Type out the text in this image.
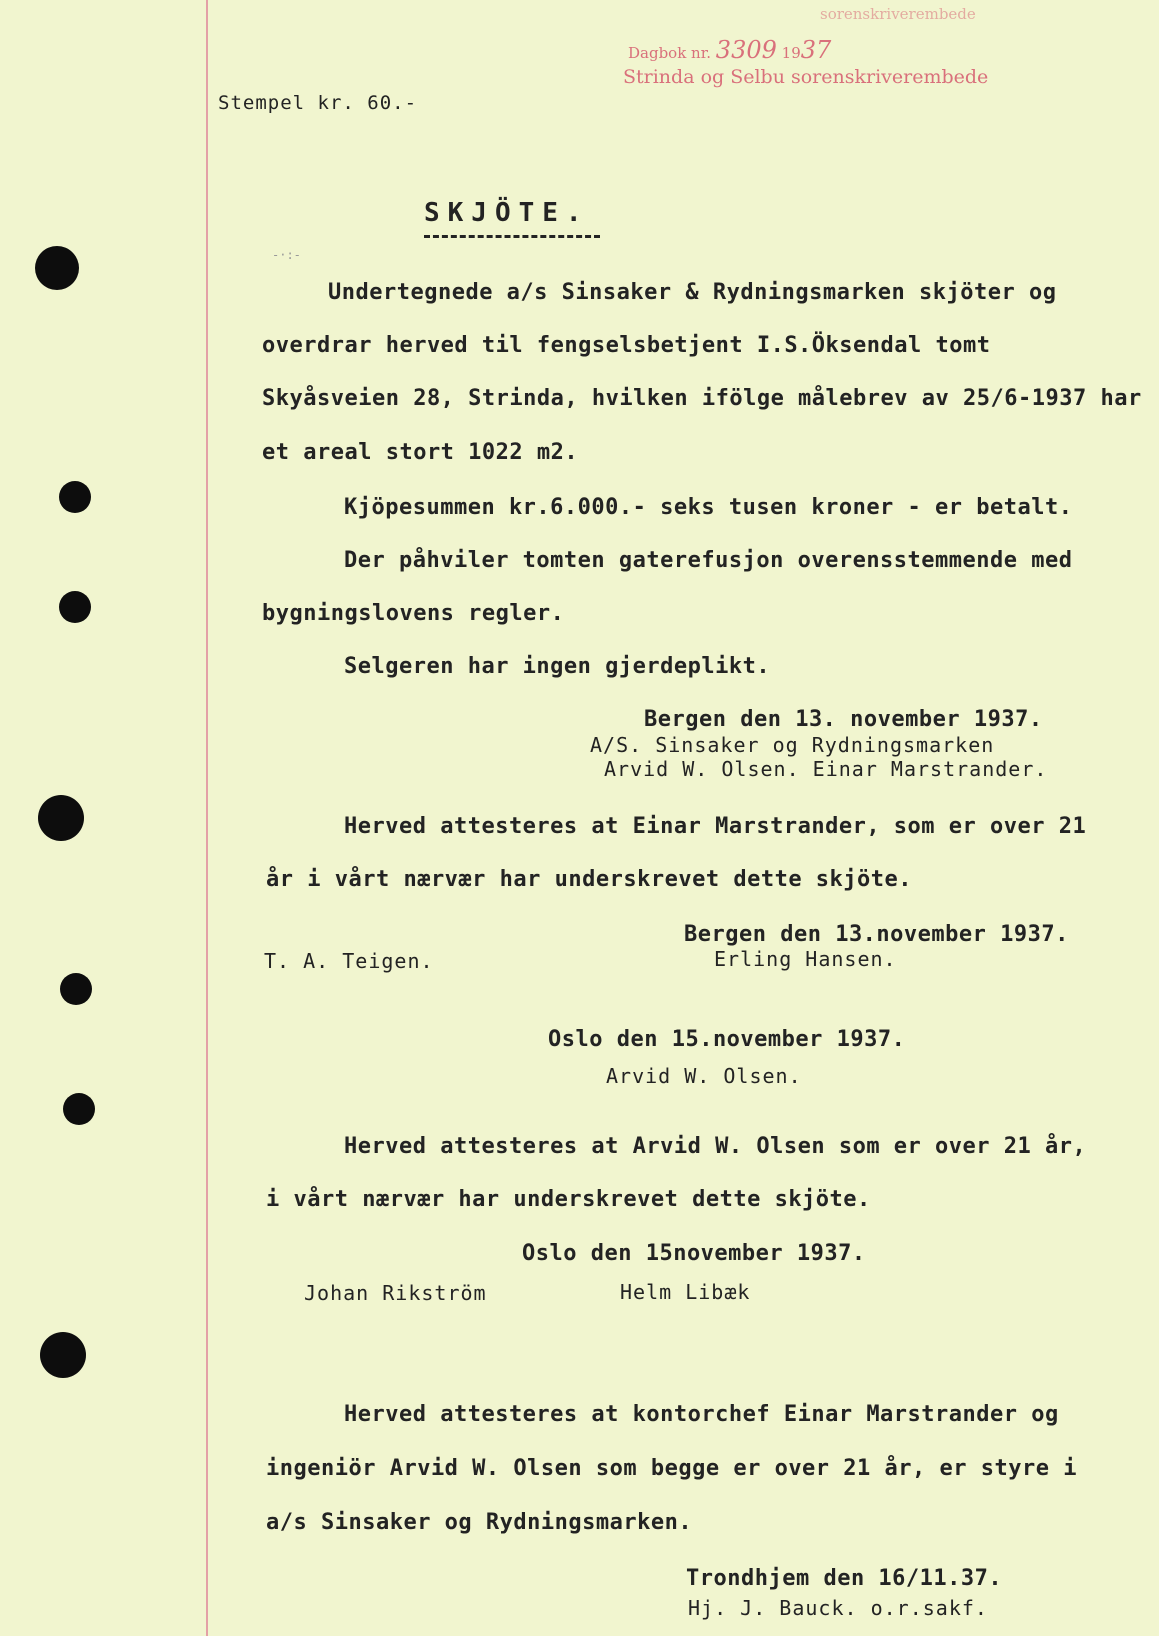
sorenskriverembede
Dagbok nr. 3309 1937
Strinda og Selbu sorenskriverembede
Stempel kr. 60.-
SKJÖTE.
-·:-
Undertegnede a/s Sinsaker & Rydningsmarken skjöter og
overdrar herved til fengselsbetjent I.S.Öksendal tomt
Skyåsveien 28, Strinda, hvilken ifölge målebrev av 25/6-1937 har
et areal stort 1022 m2.
Kjöpesummen kr.6.000.- seks tusen kroner - er betalt.
Der påhviler tomten gaterefusjon overensstemmende med
bygningslovens regler.
Selgeren har ingen gjerdeplikt.
Bergen den 13. november 1937.
A/S. Sinsaker og Rydningsmarken
Arvid W. Olsen. Einar Marstrander.
Herved attesteres at Einar Marstrander, som er over 21
år i vårt nærvær har underskrevet dette skjöte.
Bergen den 13.november 1937.
T. A. Teigen.	Erling Hansen.
Oslo den 15.november 1937.
Arvid W. Olsen.
Herved attesteres at Arvid W. Olsen som er over 21 år,
i vårt nærvær har underskrevet dette skjöte.
Oslo den 15november 1937.
Johan Rikström	Helm Libæk
Herved attesteres at kontorchef Einar Marstrander og
ingeniör Arvid W. Olsen som begge er over 21 år, er styre i
a/s Sinsaker og Rydningsmarken.
Trondhjem den 16/11.37.
Hj. J. Bauck. o.r.sakf.
